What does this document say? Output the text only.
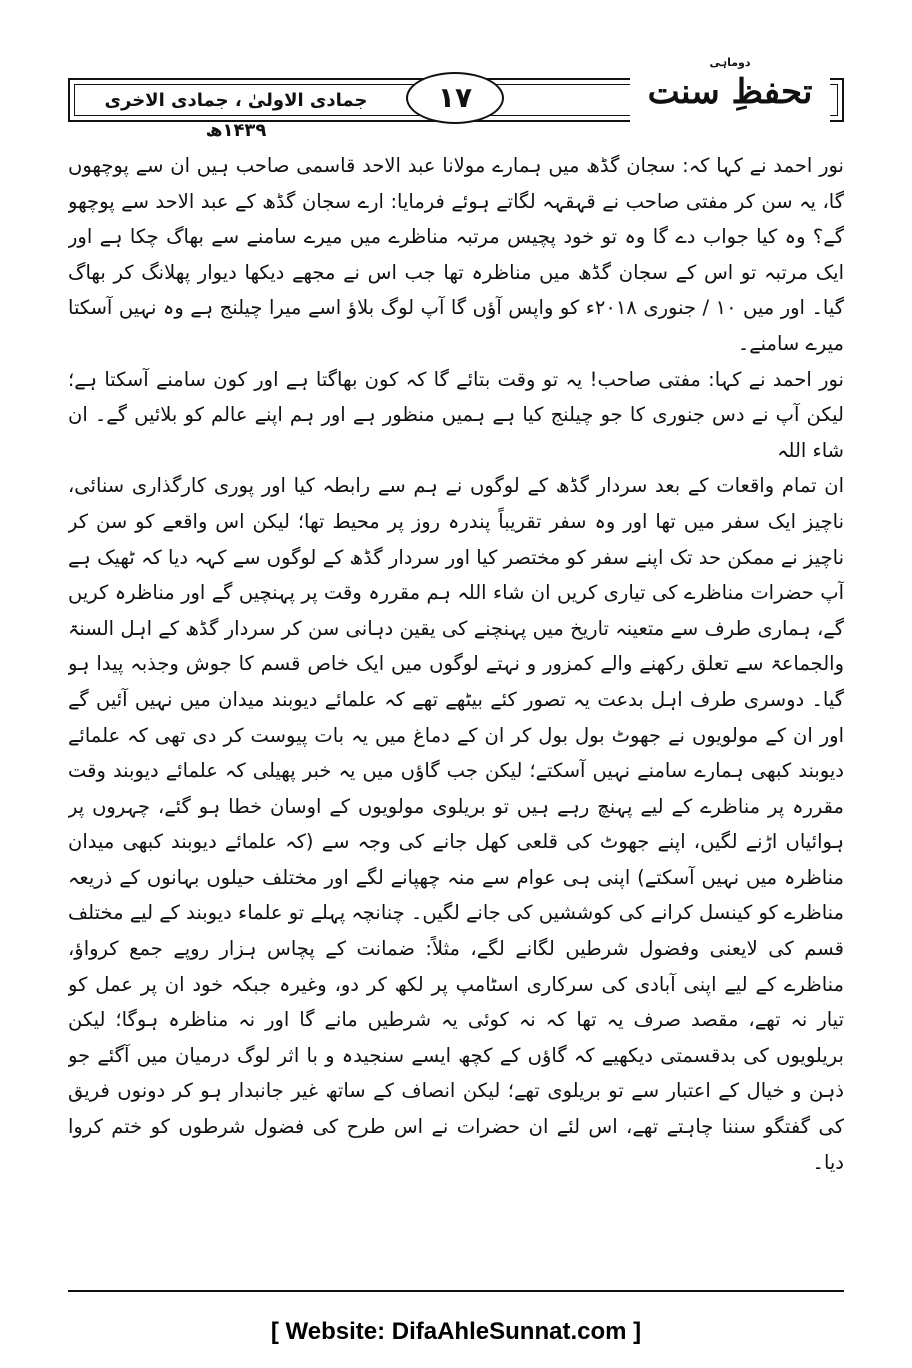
جمادی الاولیٰ ، جمادی الاخری ۱۴۳۹ھ
۱۷
دوماہی
تحفظِ سنت

نور احمد نے کہا کہ: سجان گڈھ میں ہمارے مولانا عبد الاحد قاسمی صاحب ہیں ان سے پوچھوں گا، یہ سن کر مفتی صاحب نے قہقہہ لگاتے ہوئے فرمایا: ارے سجان گڈھ کے عبد الاحد سے پوچھو گے؟ وہ کیا جواب دے گا وہ تو خود پچیس مرتبہ مناظرے میں میرے سامنے سے بھاگ چکا ہے اور ایک مرتبہ تو اس کے سجان گڈھ میں مناظرہ تھا جب اس نے مجھے دیکھا دیوار پھلانگ کر بھاگ گیا۔ اور میں ۱۰ / جنوری ۲۰۱۸ء کو واپس آؤں گا آپ لوگ بلاؤ اسے میرا چیلنج ہے وہ نہیں آسکتا میرے سامنے۔

نور احمد نے کہا: مفتی صاحب! یہ تو وقت بتائے گا کہ کون بھاگتا ہے اور کون سامنے آسکتا ہے؛ لیکن آپ نے دس جنوری کا جو چیلنج کیا ہے ہمیں منظور ہے اور ہم اپنے عالم کو بلائیں گے۔ ان شاء اللہ

ان تمام واقعات کے بعد سردار گڈھ کے لوگوں نے ہم سے رابطہ کیا اور پوری کارگذاری سنائی، ناچیز ایک سفر میں تھا اور وہ سفر تقریباً پندرہ روز پر محیط تھا؛ لیکن اس واقعے کو سن کر ناچیز نے ممکن حد تک اپنے سفر کو مختصر کیا اور سردار گڈھ کے لوگوں سے کہہ دیا کہ ٹھیک ہے آپ حضرات مناظرے کی تیاری کریں ان شاء اللہ ہم مقررہ وقت پر پہنچیں گے اور مناظرہ کریں گے، ہماری طرف سے متعینہ تاریخ میں پہنچنے کی یقین دہانی سن کر سردار گڈھ کے اہل السنۃ والجماعۃ سے تعلق رکھنے والے کمزور و نہتے لوگوں میں ایک خاص قسم کا جوش وجذبہ پیدا ہو گیا۔ دوسری طرف اہل بدعت یہ تصور کئے بیٹھے تھے کہ علمائے دیوبند میدان میں نہیں آئیں گے اور ان کے مولویوں نے جھوٹ بول بول کر ان کے دماغ میں یہ بات پیوست کر دی تھی کہ علمائے دیوبند کبھی ہمارے سامنے نہیں آسکتے؛ لیکن جب گاؤں میں یہ خبر پھیلی کہ علمائے دیوبند وقت مقررہ پر مناظرے کے لیے پہنچ رہے ہیں تو بریلوی مولویوں کے اوسان خطا ہو گئے، چہروں پر ہوائیاں اڑنے لگیں، اپنے جھوٹ کی قلعی کھل جانے کی وجہ سے (کہ علمائے دیوبند کبھی میدان مناظرہ میں نہیں آسکتے) اپنی ہی عوام سے منہ چھپانے لگے اور مختلف حیلوں بہانوں کے ذریعہ مناظرے کو کینسل کرانے کی کوششیں کی جانے لگیں۔ چنانچہ پہلے تو علماء دیوبند کے لیے مختلف قسم کی لایعنی وفضول شرطیں لگانے لگے، مثلاً: ضمانت کے پچاس ہزار روپے جمع کرواؤ، مناظرے کے لیے اپنی آبادی کی سرکاری اسٹامپ پر لکھ کر دو، وغیرہ جبکہ خود ان پر عمل کو تیار نہ تھے، مقصد صرف یہ تھا کہ نہ کوئی یہ شرطیں مانے گا اور نہ مناظرہ ہوگا؛ لیکن بریلویوں کی بدقسمتی دیکھیے کہ گاؤں کے کچھ ایسے سنجیدہ و با اثر لوگ درمیان میں آگئے جو ذہن و خیال کے اعتبار سے تو بریلوی تھے؛ لیکن انصاف کے ساتھ غیر جانبدار ہو کر دونوں فریق کی گفتگو سننا چاہتے تھے، اس لئے ان حضرات نے اس طرح کی فضول شرطوں کو ختم کروا دیا۔

[ Website: DifaAhleSunnat.com ]
